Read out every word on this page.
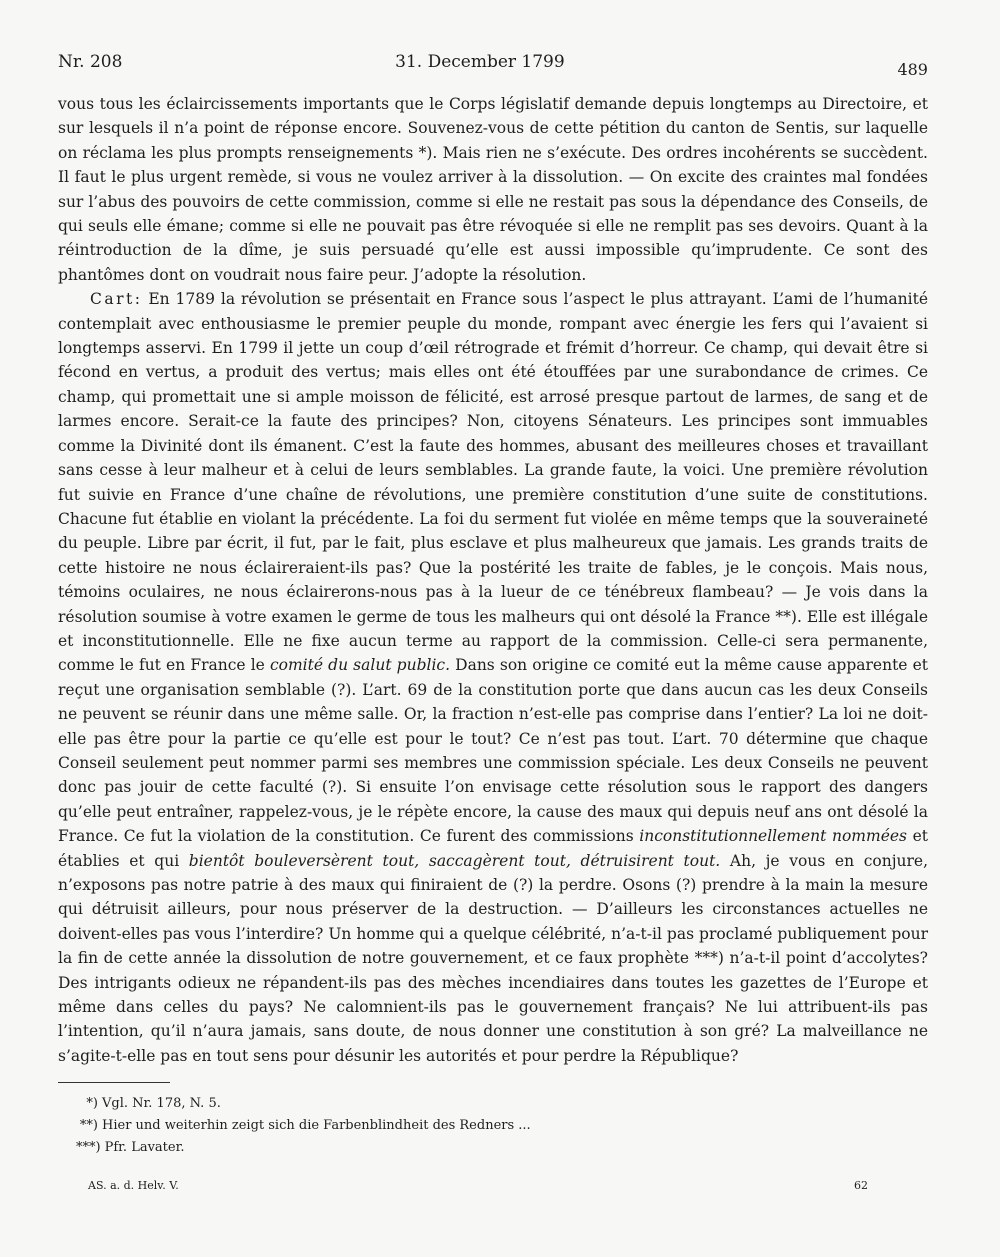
Nr. 208	31. December 1799	489

vous tous les éclaircissements importants que le Corps législatif demande depuis longtemps au Directoire, et sur lesquels il n’a point de réponse encore. Souvenez-vous de cette pétition du canton de Sentis, sur laquelle on réclama les plus prompts renseignements *). Mais rien ne s’exécute. Des ordres incohérents se succèdent. Il faut le plus urgent remède, si vous ne voulez arriver à la dissolution. — On excite des craintes mal fondées sur l’abus des pouvoirs de cette commission, comme si elle ne restait pas sous la dépendance des Conseils, de qui seuls elle émane; comme si elle ne pouvait pas être révoquée si elle ne remplit pas ses devoirs. Quant à la réintroduction de la dîme, je suis persuadé qu’elle est aussi impossible qu’imprudente. Ce sont des phantômes dont on voudrait nous faire peur. J’adopte la résolution.

Cart: En 1789 la révolution se présentait en France sous l’aspect le plus attrayant. L’ami de l’humanité contemplait avec enthousiasme le premier peuple du monde, rompant avec énergie les fers qui l’avaient si longtemps asservi. En 1799 il jette un coup d’œil rétrograde et frémit d’horreur. Ce champ, qui devait être si fécond en vertus, a produit des vertus; mais elles ont été étouffées par une surabondance de crimes. Ce champ, qui promettait une si ample moisson de félicité, est arrosé presque partout de larmes, de sang et de larmes encore. Serait-ce la faute des principes? Non, citoyens Sénateurs. Les principes sont immuables comme la Divinité dont ils émanent. C’est la faute des hommes, abusant des meilleures choses et travaillant sans cesse à leur malheur et à celui de leurs semblables. La grande faute, la voici. Une première révolution fut suivie en France d’une chaîne de révolutions, une première constitution d’une suite de constitutions. Chacune fut établie en violant la précédente. La foi du serment fut violée en même temps que la souveraineté du peuple. Libre par écrit, il fut, par le fait, plus esclave et plus malheureux que jamais. Les grands traits de cette histoire ne nous éclaireraient-ils pas? Que la postérité les traite de fables, je le conçois. Mais nous, témoins oculaires, ne nous éclairerons-nous pas à la lueur de ce ténébreux flambeau? — Je vois dans la résolution soumise à votre examen le germe de tous les malheurs qui ont désolé la France **). Elle est illégale et inconstitutionnelle. Elle ne fixe aucun terme au rapport de la commission. Celle-ci sera permanente, comme le fut en France le comité du salut public. Dans son origine ce comité eut la même cause apparente et reçut une organisation semblable (?). L’art. 69 de la constitution porte que dans aucun cas les deux Conseils ne peuvent se réunir dans une même salle. Or, la fraction n’est-elle pas comprise dans l’entier? La loi ne doit-elle pas être pour la partie ce qu’elle est pour le tout? Ce n’est pas tout. L’art. 70 détermine que chaque Conseil seulement peut nommer parmi ses membres une commission spéciale. Les deux Conseils ne peuvent donc pas jouir de cette faculté (?). Si ensuite l’on envisage cette résolution sous le rapport des dangers qu’elle peut entraîner, rappelez-vous, je le répète encore, la cause des maux qui depuis neuf ans ont désolé la France. Ce fut la violation de la constitution. Ce furent des commissions inconstitutionnellement nommées et établies et qui bientôt bouleversèrent tout, saccagèrent tout, détruisirent tout. Ah, je vous en conjure, n’exposons pas notre patrie à des maux qui finiraient de (?) la perdre. Osons (?) prendre à la main la mesure qui détruisit ailleurs, pour nous préserver de la destruction. — D’ailleurs les circonstances actuelles ne doivent-elles pas vous l’interdire? Un homme qui a quelque célébrité, n’a-t-il pas proclamé publiquement pour la fin de cette année la dissolution de notre gouvernement, et ce faux prophète ***) n’a-t-il point d’accolytes? Des intrigants odieux ne répandent-ils pas des mèches incendiaires dans toutes les gazettes de l’Europe et même dans celles du pays? Ne calomnient-ils pas le gouvernement français? Ne lui attribuent-ils pas l’intention, qu’il n’aura jamais, sans doute, de nous donner une constitution à son gré? La malveillance ne s’agite-t-elle pas en tout sens pour désunir les autorités et pour perdre la République?

*) Vgl. Nr. 178, N. 5.
**) Hier und weiterhin zeigt sich die Farbenblindheit des Redners ...
***) Pfr. Lavater.
AS. a. d. Helv. V.	62
